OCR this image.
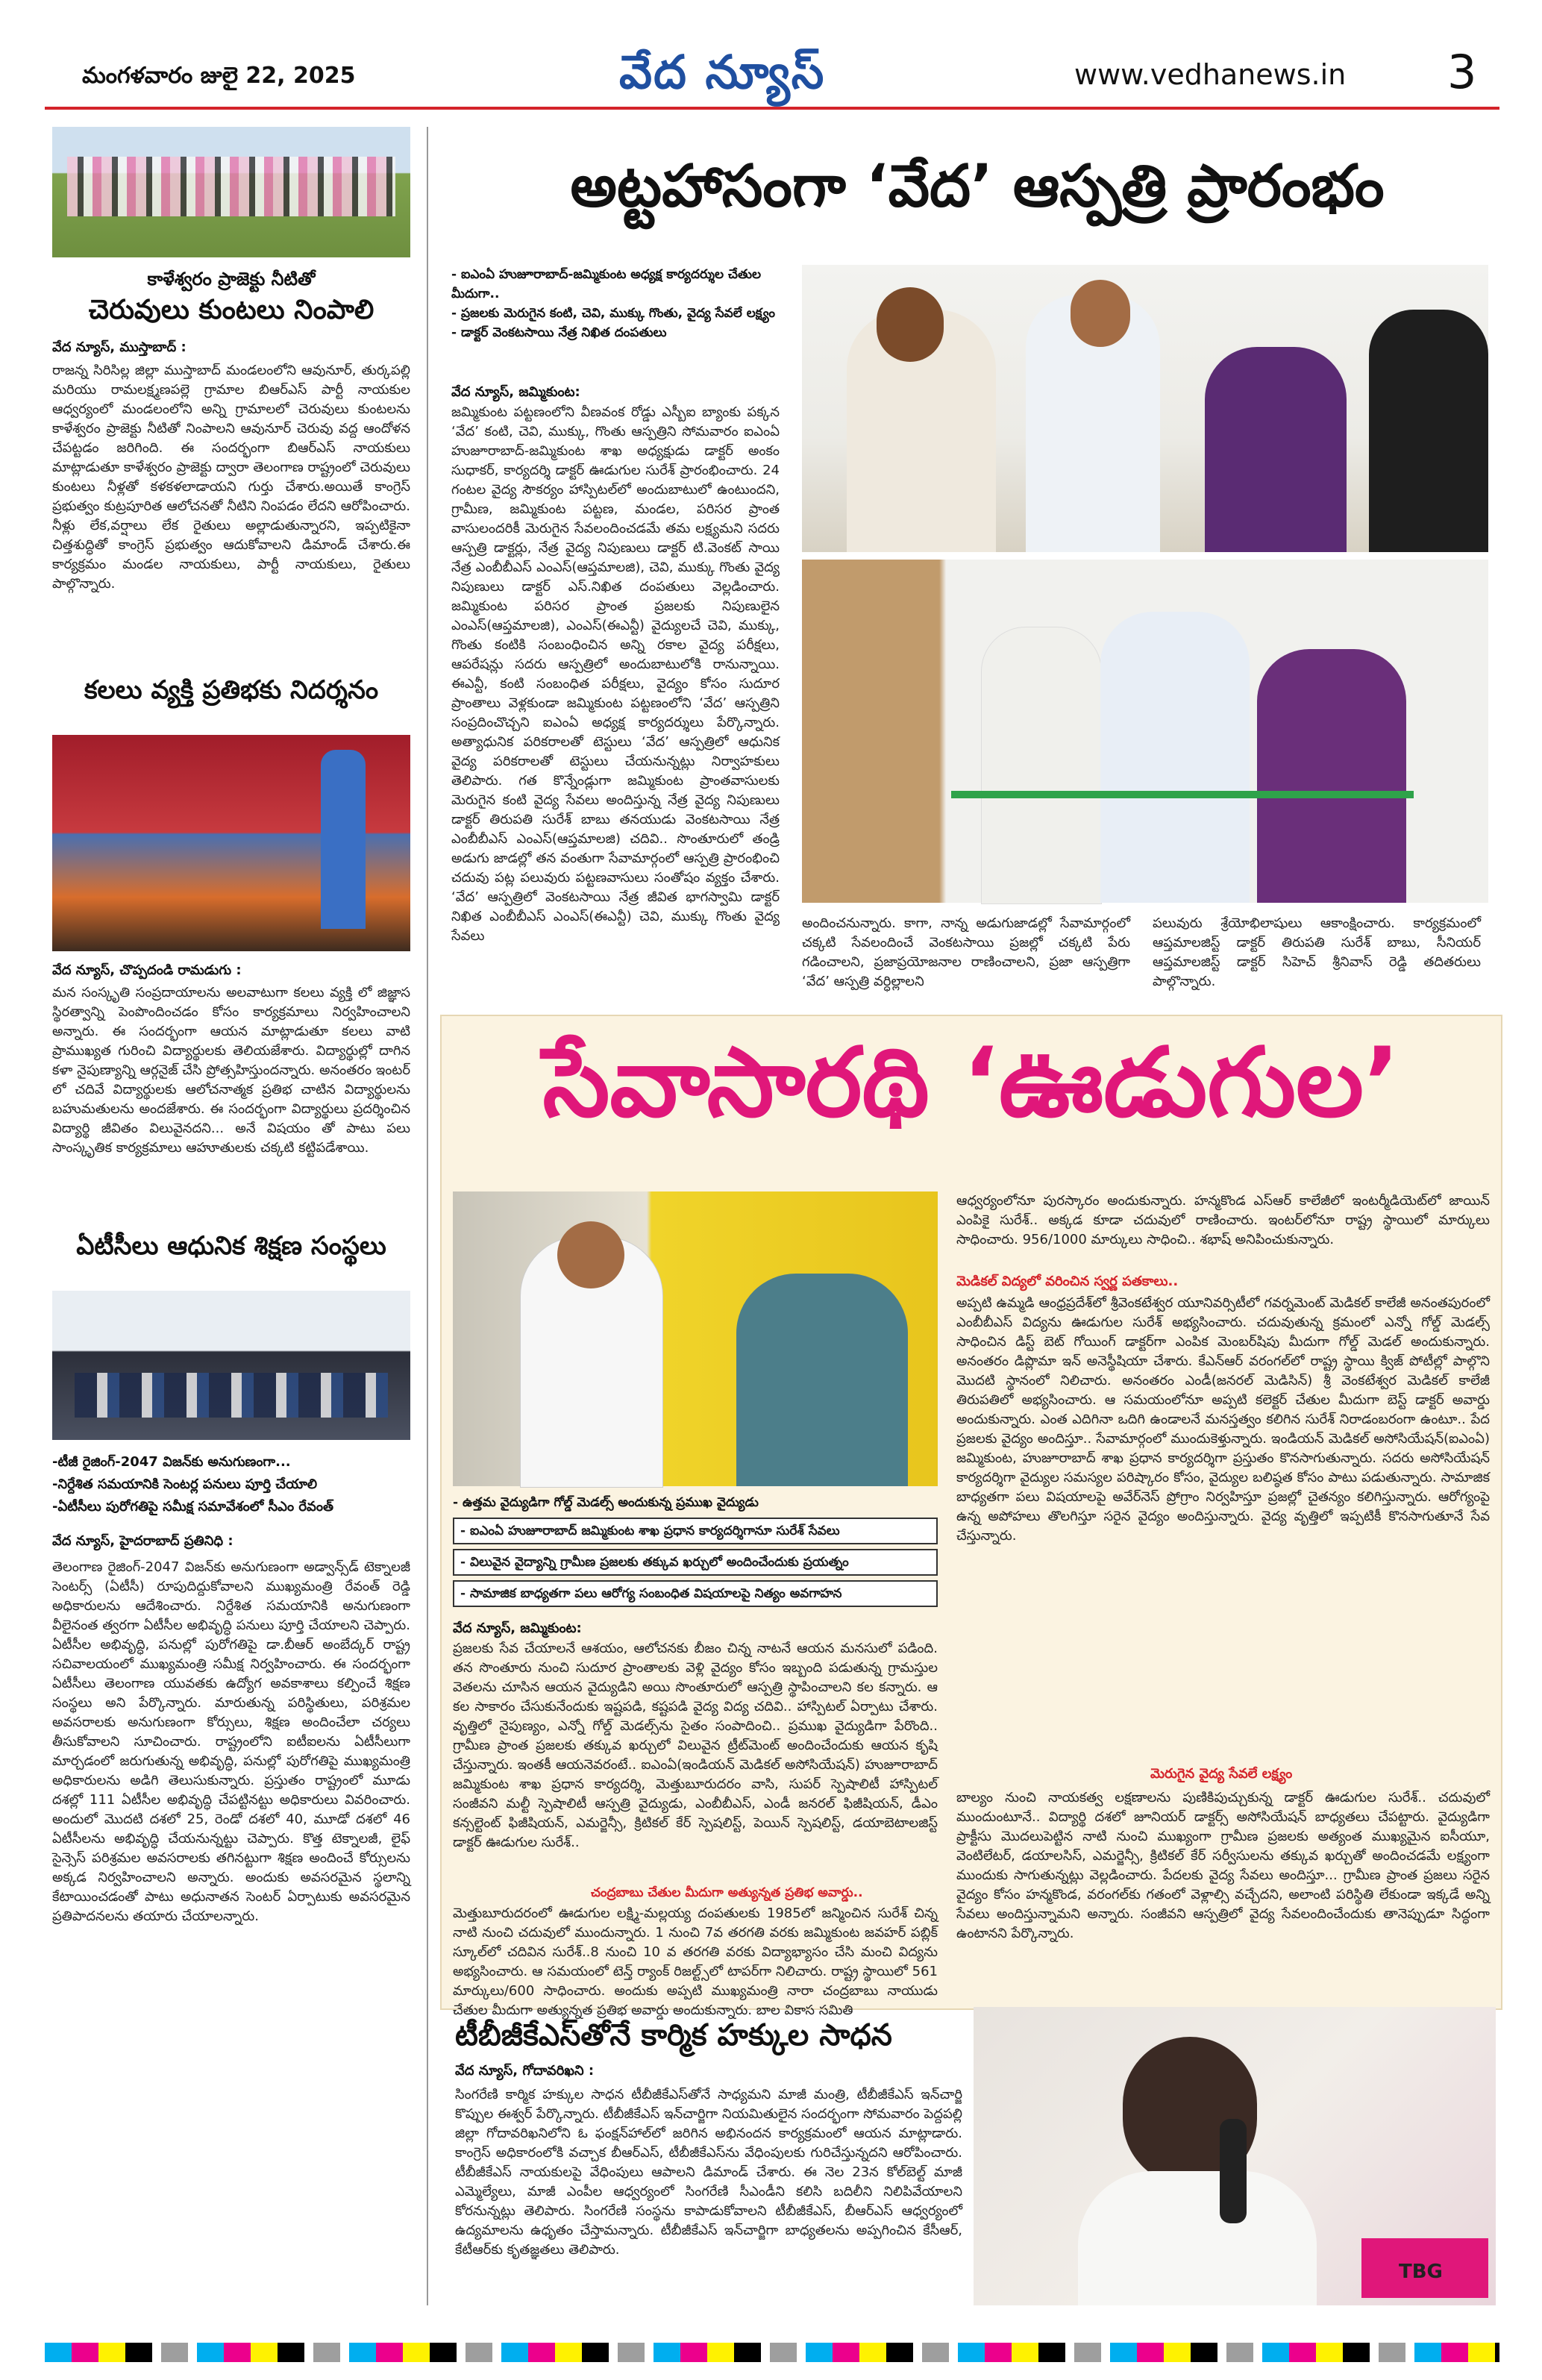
మంగళవారం జులై 22, 2025	వేద న్యూస్	www.vedhanews.in 3
కాళేశ్వరం ప్రాజెక్టు నీటితో
చెరువులు కుంటలు నింపాలి
వేద న్యూస్, ముస్తాబాద్ :
రాజన్న సిరిసిల్ల జిల్లా ముస్తాబాద్ మండలంలోని ఆవునూర్, తుర్కపల్లి మరియు రామలక్ష్మణపల్లె గ్రామాల బిఆర్ఎస్ పార్టీ నాయకుల ఆధ్వర్యంలో మండలంలోని అన్ని గ్రామాలలో చెరువులు కుంటలను కాళేశ్వరం ప్రాజెక్టు నీటితో నింపాలని ఆవునూర్ చెరువు వద్ద ఆందోళన చేపట్టడం జరిగింది. ఈ సందర్భంగా బిఆర్ఎస్ నాయకులు మాట్లాడుతూ కాళేశ్వరం ప్రాజెక్టు ద్వారా తెలంగాణ రాష్ట్రంలో చెరువులు కుంటలు నీళ్లతో కళకళలాడాయని గుర్తు చేశారు.అయితే కాంగ్రెస్ ప్రభుత్వం కుట్రపూరిత ఆలోచనతో నీటిని నింపడం లేదని ఆరోపించారు. నీళ్లు లేక,వర్షాలు లేక రైతులు అల్లాడుతున్నారని, ఇప్పటికైనా చిత్తశుద్ధితో కాంగ్రెస్ ప్రభుత్వం ఆదుకోవాలని డిమాండ్ చేశారు.ఈ కార్యక్రమం మండల నాయకులు, పార్టీ నాయకులు, రైతులు పాల్గొన్నారు.
కలలు వ్యక్తి ప్రతిభకు నిదర్శనం
వేద న్యూస్, చొప్పదండి రామడుగు :
మన సంస్కృతి సంప్రదాయాలను అలవాటుగా కలలు వ్యక్తి లో జిజ్ఞాస స్థిరత్వాన్ని పెంపొందించడం కోసం కార్యక్రమాలు నిర్వహించాలని అన్నారు. ఈ సందర్భంగా ఆయన మాట్లాడుతూ కలలు వాటి ప్రాముఖ్యత గురించి విద్యార్థులకు తెలియజేశారు. విద్యార్థుల్లో దాగిన కళా నైపుణ్యాన్ని ఆర్గనైజ్ చేసి ప్రోత్సహిస్తుందన్నారు. అనంతరం ఇంటర్ లో చదివే విద్యార్థులకు ఆలోచనాత్మక ప్రతిభ చాటిన విద్యార్థులను బహుమతులను అందజేశారు. ఈ సందర్భంగా విద్యార్థులు ప్రదర్శించిన విద్యార్థి జీవితం విలువైనదని... అనే విషయం తో పాటు పలు సాంస్కృతిక కార్యక్రమాలు ఆహూతులకు చక్కటి కట్టిపడేశాయి.
ఏటీసీలు ఆధునిక శిక్షణ సంస్థలు
-టీజీ రైజింగ్-2047 విజన్‌కు అనుగుణంగా...
-నిర్దేశిత సమయానికి సెంటర్ల పనులు పూర్తి చేయాలి
-ఏటీసీలు పురోగతిపై సమీక్ష సమావేశంలో సీఎం రేవంత్
వేద న్యూస్, హైదరాబాద్ ప్రతినిధి :
తెలంగాణ రైజింగ్-2047 విజన్‌కు అనుగుణంగా అడ్వాన్స్‌డ్ టెక్నాలజీ సెంటర్స్ (ఏటీసీ) రూపుదిద్దుకోవాలని ముఖ్యమంత్రి రేవంత్ రెడ్డి అధికారులను ఆదేశించారు. నిర్దేశిత సమయానికి అనుగుణంగా వీలైనంత త్వరగా ఏటీసీల అభివృద్ధి పనులు పూర్తి చేయాలని చెప్పారు. ఏటీసీల అభివృద్ధి, పనుల్లో పురోగతిపై డా.బీఆర్ అంబేద్కర్ రాష్ట్ర సచివాలయంలో ముఖ్యమంత్రి సమీక్ష నిర్వహించారు. ఈ సందర్భంగా ఏటీసీలు తెలంగాణ యువతకు ఉద్యోగ అవకాశాలు కల్పించే శిక్షణ సంస్థలు అని పేర్కొన్నారు. మారుతున్న పరిస్థితులు, పరిశ్రమల అవసరాలకు అనుగుణంగా కోర్సులు, శిక్షణ అందించేలా చర్యలు తీసుకోవాలని సూచించారు. రాష్ట్రంలోని ఐటీఐలను ఏటీసీలుగా మార్చడంలో జరుగుతున్న అభివృద్ధి, పనుల్లో పురోగతిపై ముఖ్యమంత్రి అధికారులను అడిగి తెలుసుకున్నారు. ప్రస్తుతం రాష్ట్రంలో మూడు దశల్లో 111 ఏటీసీల అభివృద్ధి చేపట్టినట్టు అధికారులు వివరించారు. అందులో మొదటి దశలో 25, రెండో దశలో 40, మూడో దశలో 46 ఏటీసీలను అభివృద్ధి చేయనున్నట్టు చెప్పారు. కొత్త టెక్నాలజీ, లైఫ్ సైన్సెస్ పరిశ్రమల అవసరాలకు తగినట్టుగా శిక్షణ అందించే కోర్సులను అక్కడ నిర్వహించాలని అన్నారు. అందుకు అవసరమైన స్థలాన్ని కేటాయించడంతో పాటు అధునాతన సెంటర్ ఏర్పాటుకు అవసరమైన ప్రతిపాదనలను తయారు చేయాలన్నారు.
అట్టహాసంగా ‘వేద’ ఆస్పత్రి ప్రారంభం
- ఐఎంఏ హుజూరాబాద్-జమ్మికుంట అధ్యక్ష కార్యదర్శుల చేతుల మీదుగా..
- ప్రజలకు మెరుగైన కంటి, చెవి, ముక్కు గొంతు, వైద్య సేవలే లక్ష్యం
- డాక్టర్ వెంకటసాయి నేత్ర నిఖిత దంపతులు
వేద న్యూస్, జమ్మికుంట:
జమ్మికుంట పట్టణంలోని వీణవంక రోడ్డు ఎస్బీఐ బ్యాంకు పక్కన ‘వేద’ కంటి, చెవి, ముక్కు, గొంతు ఆస్పత్రిని సోమవారం ఐఎంఏ హుజూరాబాద్-జమ్మికుంట శాఖ అధ్యక్షుడు డాక్టర్ అంకం సుధాకర్, కార్యదర్శి డాక్టర్ ఊడుగుల సురేశ్ ప్రారంభించారు. 24 గంటల వైద్య సౌకర్యం హాస్పిటల్‌లో అందుబాటులో ఉంటుందని, గ్రామీణ, జమ్మికుంట పట్టణ, మండల, పరిసర ప్రాంత వాసులందరికీ మెరుగైన సేవలందించడమే తమ లక్ష్యమని సదరు ఆస్పత్రి డాక్టర్లు, నేత్ర వైద్య నిపుణులు డాక్టర్ టి.వెంకట్ సాయి నేత్ర ఎంబీబీఎస్ ఎంఎస్(ఆప్తమాలజి), చెవి, ముక్కు గొంతు వైద్య నిపుణులు డాక్టర్ ఎస్.నిఖిత దంపతులు వెల్లడించారు. జమ్మికుంట పరిసర ప్రాంత ప్రజలకు నిపుణులైన ఎంఎస్(ఆప్తమాలజి), ఎంఎస్(ఈఎన్టీ) వైద్యులచే చెవి, ముక్కు, గొంతు కంటికి సంబంధించిన అన్ని రకాల వైద్య పరీక్షలు, ఆపరేషన్లు సదరు ఆస్పత్రిలో అందుబాటులోకి రానున్నాయి. ఈఎన్టీ, కంటి సంబంధిత పరీక్షలు, వైద్యం కోసం సుదూర ప్రాంతాలు వెళ్లకుండా జమ్మికుంట పట్టణంలోని ‘వేద’ ఆస్పత్రిని సంప్రదించొచ్చని ఐఎంఏ అధ్యక్ష కార్యదర్శులు పేర్కొన్నారు. అత్యాధునిక పరికరాలతో టెస్టులు ‘వేద’ ఆస్పత్రిలో ఆధునిక వైద్య పరికరాలతో టెస్టులు చేయనున్నట్లు నిర్వాహకులు తెలిపారు. గత కొన్నేండ్లుగా జమ్మికుంట ప్రాంతవాసులకు మెరుగైన కంటి వైద్య సేవలు అందిస్తున్న నేత్ర వైద్య నిపుణులు డాక్టర్ తిరుపతి సురేశ్ బాబు తనయుడు వెంకటసాయి నేత్ర ఎంబీబీఎస్ ఎంఎస్(ఆప్తమాలజి) చదివి.. సొంతూరులో తండ్రి అడుగు జాడల్లో తన వంతుగా సేవామార్గంలో ఆస్పత్రి ప్రారంభించి చదువు పట్ల పలువురు పట్టణవాసులు సంతోషం వ్యక్తం చేశారు. ‘వేద’ ఆస్పత్రిలో వెంకటసాయి నేత్ర జీవిత భాగస్వామి డాక్టర్ నిఖిత ఎంబీబీఎస్ ఎంఎస్(ఈఎన్టీ) చెవి, ముక్కు గొంతు వైద్య సేవలు
అందించనున్నారు. కాగా, నాన్న అడుగుజాడల్లో సేవామార్గంలో చక్కటి సేవలందించే వెంకటసాయి ప్రజల్లో చక్కటి పేరు గడించాలని, ప్రజాప్రయోజనాల రాణించాలని, ప్రజా ఆస్పత్రిగా ‘వేద’ ఆస్పత్రి వర్ధిల్లాలని
పలువురు శ్రేయోభిలాషులు ఆకాంక్షించారు. కార్యక్రమంలో ఆప్తమాలజిస్ట్ డాక్టర్ తిరుపతి సురేశ్ బాబు, సీనియర్ ఆప్తమాలజిస్ట్ డాక్టర్ సిహెచ్ శ్రీనివాస్ రెడ్డి తదితరులు పాల్గొన్నారు.
సేవాసారథి ‘ఊడుగుల’
- ఉత్తమ వైద్యుడిగా గోల్డ్ మెడల్స్ అందుకున్న ప్రముఖ వైద్యుడు
- ఐఎంఏ హుజూరాబాద్ జమ్మికుంట శాఖ ప్రధాన కార్యదర్శిగానూ సురేశ్ సేవలు
- విలువైన వైద్యాన్ని గ్రామీణ ప్రజలకు తక్కువ ఖర్చులో అందించేందుకు ప్రయత్నం
- సామాజిక బాధ్యతగా పలు ఆరోగ్య సంబంధిత విషయాలపై నిత్యం అవగాహన
వేద న్యూస్, జమ్మికుంట:
ప్రజలకు సేవ చేయాలనే ఆశయం, ఆలోచనకు బీజం చిన్న నాటనే ఆయన మనసులో పడింది. తన సొంతూరు నుంచి సుదూర ప్రాంతాలకు వెళ్లి వైద్యం కోసం ఇబ్బంది పడుతున్న గ్రామస్తుల వెతలను చూసిన ఆయన వైద్యుడిని అయి సొంతూరులో ఆస్పత్రి స్థాపించాలని కల కన్నారు. ఆ కల సాకారం చేసుకునేందుకు ఇష్టపడి, కష్టపడి వైద్య విద్య చదివి.. హాస్పిటల్ ఏర్పాటు చేశారు. వృత్తిలో నైపుణ్యం, ఎన్నో గోల్డ్ మెడల్స్‌ను సైతం సంపాదించి.. ప్రముఖ వైద్యుడిగా పేరొంది.. గ్రామీణ ప్రాంత ప్రజలకు తక్కువ ఖర్చులో విలువైన ట్రీట్‌మెంట్ అందించేందుకు ఆయన కృషి చేస్తున్నారు. ఇంతకీ ఆయనెవరంటే.. ఐఎంఏ(ఇండియన్ మెడికల్ అసోసియేషన్) హుజూరాబాద్ జమ్మికుంట శాఖ ప్రధాన కార్యదర్శి, మెత్తుబూరుదరం వాసి, సుపర్ స్పెషాలిటీ హాస్పిటల్ సంజీవని మల్టీ స్పెషాలిటీ ఆస్పత్రి వైద్యుడు, ఎంబీబీఎస్, ఎండీ జనరల్ ఫిజీషియన్, డీఎం కన్సల్టెంట్ ఫిజీషియన్, ఎమర్జెన్సీ, క్రిటికల్ కేర్ స్పెషలిస్ట్, పెయిన్ స్పెషలిస్ట్, డయాబెటాలజిస్ట్ డాక్టర్ ఊడుగుల సురేశ్..
చంద్రబాబు చేతుల మీదుగా అత్యున్నత ప్రతిభ అవార్డు..
మెత్తుబూరుదరంలో ఊడుగుల లక్ష్మి-మల్లయ్య దంపతులకు 1985లో జన్మించిన సురేశ్ చిన్న నాటి నుంచి చదువులో ముందున్నారు. 1 నుంచి 7వ తరగతి వరకు జమ్మికుంట జవహర్ పబ్లిక్ స్కూల్‌లో చదివిన సురేశ్..8 నుంచి 10 వ తరగతి వరకు విద్యాభ్యాసం చేసి మంచి విద్యను అభ్యసించారు. ఆ సమయంలో టెన్త్ ర్యాంక్ రిజల్ట్స్‌లో టాపర్‌గా నిలిచారు. రాష్ట్ర స్థాయిలో 561 మార్కులు/600 సాధించారు. అందుకు అప్పటి ముఖ్యమంత్రి నారా చంద్రబాబు నాయుడు చేతుల మీదుగా అత్యున్నత ప్రతిభ అవార్డు అందుకున్నారు. బాల వికాస సమితి
ఆధ్వర్యంలోనూ పురస్కారం అందుకున్నారు. హన్మకొండ ఎస్ఆర్ కాలేజీలో ఇంటర్మీడియెట్‌లో జాయిన్ ఎంపికై సురేశ్.. అక్కడ కూడా చదువులో రాణించారు. ఇంటర్‌లోనూ రాష్ట్ర స్థాయిలో మార్కులు సాధించారు. 956/1000 మార్కులు సాధించి.. శభాష్ అనిపించుకున్నారు.
మెడికల్ విద్యలో వరించిన స్వర్ణ పతకాలు..
అప్పటి ఉమ్మడి ఆంధ్రప్రదేశ్‌లో శ్రీవెంకటేశ్వర యూనివర్సిటీలో గవర్నమెంట్ మెడికల్ కాలేజీ అనంతపురంలో ఎంబీబీఎస్ విద్యను ఊడుగుల సురేశ్ అభ్యసించారు. చదువుతున్న క్రమంలో ఎన్నో గోల్డ్ మెడల్స్ సాధించిన డిస్ట్ బెట్ గోయింగ్ డాక్టర్‌గా ఎంపిక మెంబర్‌షిపు మీదుగా గోల్డ్ మెడల్ అందుకున్నారు. అనంతరం డిప్లొమా ఇన్ అనెస్థీషియా చేశారు. కేఎన్ఆర్ వరంగల్‌లో రాష్ట్ర స్థాయి క్విజ్ పోటీల్లో పాల్గొని మొదటి స్థానంలో నిలిచారు. అనంతరం ఎండీ(జనరల్ మెడిసిన్) శ్రీ వెంకటేశ్వర మెడికల్ కాలేజీ తిరుపతిలో అభ్యసించారు. ఆ సమయంలోనూ అప్పటి కలెక్టర్ చేతుల మీదుగా బెస్ట్ డాక్టర్ అవార్డు అందుకున్నారు. ఎంత ఎదిగినా ఒదిగి ఉండాలనే మనస్తత్వం కలిగిన సురేశ్ నిరాడంబరంగా ఉంటూ.. పేద ప్రజలకు వైద్యం అందిస్తూ.. సేవామార్గంలో ముందుకెళ్తున్నారు. ఇండియన్ మెడికల్ అసోసియేషన్(ఐఎంఏ) జమ్మికుంట, హుజూరాబాద్ శాఖ ప్రధాన కార్యదర్శిగా ప్రస్తుతం కొనసాగుతున్నారు. సదరు అసోసియేషన్ కార్యదర్శిగా వైద్యుల సమస్యల పరిష్కారం కోసం, వైద్యుల బలిష్ఠత కోసం పాటు పడుతున్నారు. సామాజిక బాధ్యతగా పలు విషయాలపై అవేర్‌నెస్ ప్రోగ్రాం నిర్వహిస్తూ ప్రజల్లో చైతన్యం కలిగిస్తున్నారు. ఆరోగ్యంపై ఉన్న అపోహలు తొలగిస్తూ సరైన వైద్యం అందిస్తున్నారు. వైద్య వృత్తిలో ఇప్పటికీ కొనసాగుతూనే సేవ చేస్తున్నారు.
మెరుగైన వైద్య సేవలే లక్ష్యం
బాల్యం నుంచి నాయకత్వ లక్షణాలను పుణికిపుచ్చుకున్న డాక్టర్ ఊడుగుల సురేశ్.. చదువులో ముందుంటూనే.. విద్యార్థి దశలో జూనియర్ డాక్టర్స్ అసోసియేషన్ బాధ్యతలు చేపట్టారు. వైద్యుడిగా ప్రాక్టీసు మొదలుపెట్టిన నాటి నుంచి ముఖ్యంగా గ్రామీణ ప్రజలకు అత్యంత ముఖ్యమైన ఐసీయూ, వెంటిలేటర్, డయాలసిస్, ఎమర్జెన్సీ, క్రిటికల్ కేర్ సర్వీసులను తక్కువ ఖర్చుతో అందించడమే లక్ష్యంగా ముందుకు సాగుతున్నట్లు వెల్లడించారు. పేదలకు వైద్య సేవలు అందిస్తూ... గ్రామీణ ప్రాంత ప్రజలు సరైన వైద్యం కోసం హన్మకొండ, వరంగల్‌కు గతంలో వెళ్లాల్సి వచ్చేదని, అలాంటి పరిస్థితి లేకుండా ఇక్కడే అన్ని సేవలు అందిస్తున్నామని అన్నారు. సంజీవని ఆస్పత్రిలో వైద్య సేవలందించేందుకు తానెప్పుడూ సిద్ధంగా ఉంటానని పేర్కొన్నారు.
టీబీజీకేఎస్‌తోనే కార్మిక హక్కుల సాధన
వేద న్యూస్, గోదావరిఖని :
సింగరేణి కార్మిక హక్కుల సాధన టీబీజీకేఎస్‌తోనే సాధ్యమని మాజీ మంత్రి, టీబీజీకేఎస్ ఇన్‌చార్జి కొప్పుల ఈశ్వర్ పేర్కొన్నారు. టీబీజీకేఎస్ ఇన్‌చార్జిగా నియమితులైన సందర్భంగా సోమవారం పెద్దపల్లి జిల్లా గోదావరిఖనిలోని ఓ ఫంక్షన్‌హాల్‌లో జరిగిన అభినందన కార్యక్రమంలో ఆయన మాట్లాడారు. కాంగ్రెస్ అధికారంలోకి వచ్చాక బీఆర్ఎస్, టీబీజీకేఎస్‌ను వేధింపులకు గురిచేస్తున్నదని ఆరోపించారు. టీబీజీకేఎస్ నాయకులపై వేధింపులు ఆపాలని డిమాండ్ చేశారు. ఈ నెల 23న కోల్‌బెల్ట్ మాజీ ఎమ్మెల్యేలు, మాజీ ఎంపీల ఆధ్వర్యంలో సింగరేణి సీఎండీని కలిసి బదిలీని నిలిపివేయాలని కోరనున్నట్లు తెలిపారు. సింగరేణి సంస్థను కాపాడుకోవాలని టీబీజీకేఎస్, బీఆర్ఎస్ ఆధ్వర్యంలో ఉద్యమాలను ఉధృతం చేస్తామన్నారు. టీబీజీకేఎస్ ఇన్‌చార్జిగా బాధ్యతలను అప్పగించిన కేసీఆర్, కేటీఆర్‌కు కృతజ్ఞతలు తెలిపారు.
TBG
